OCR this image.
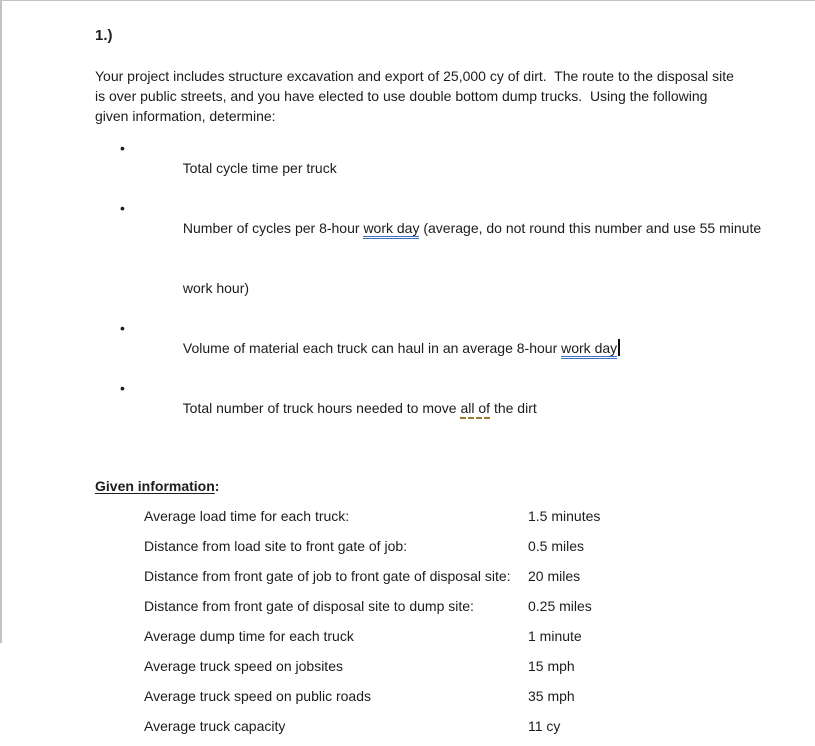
1.)
Your project includes structure excavation and export of 25,000 cy of dirt.  The route to the disposal site
is over public streets, and you have elected to use double bottom dump trucks.  Using the following
given information, determine:
•

Total cycle time per truck

•

Number of cycles per 8-hour work day (average, do not round this number and use 55 minute

work hour)

•

Volume of material each truck can haul in an average 8-hour work day

•

Total number of truck hours needed to move all of the dirt

Given information:
Average load time for each truck:	1.5 minutes
Distance from load site to front gate of job:	0.5 miles
Distance from front gate of job to front gate of disposal site: 20 miles
Distance from front gate of disposal site to dump site:	0.25 miles
Average dump time for each truck	1 minute
Average truck speed on jobsites	15 mph
Average truck speed on public roads	35 mph
Average truck capacity	11 cy
